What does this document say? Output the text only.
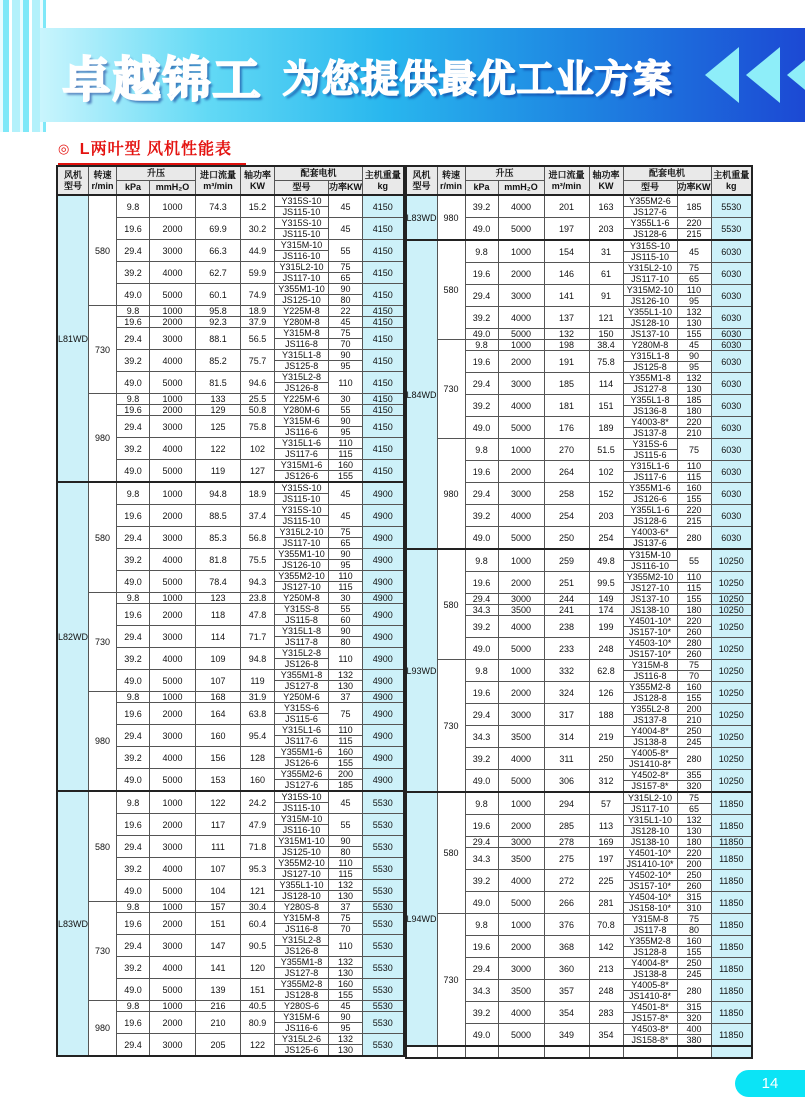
卓越锦工 为您提供最优工业方案
◎ L两叶型 风机性能表
风机
型号	转速
r/min	升压		进口流量
m³/min	轴功率
KW	配套电机		主机重量
kg
		kPa	mmH₂O			型号	功率KW	
L81WD	580	9.8	1000	74.3	15.2	Y315S-10	45	4150
						JS115-10		
		19.6	2000	69.9	30.2	Y315S-10	45	4150
						JS115-10		
		29.4	3000	66.3	44.9	Y315M-10	55	4150
						JS116-10		
		39.2	4000	62.7	59.9	Y315L2-10	75	4150
						JS117-10	65	
		49.0	5000	60.1	74.9	Y355M1-10	90	4150
						JS125-10	80	
	730	9.8	1000	95.8	18.9	Y225M-8	22	4150
		19.6	2000	92.3	37.9	Y280M-8	45	4150
		29.4	3000	88.1	56.5	Y315M-8	75	4150
						JS116-8	70	
		39.2	4000	85.2	75.7	Y315L1-8	90	4150
						JS125-8	95	
		49.0	5000	81.5	94.6	Y315L2-8	110	4150
						JS126-8		
	980	9.8	1000	133	25.5	Y225M-6	30	4150
		19.6	2000	129	50.8	Y280M-6	55	4150
		29.4	3000	125	75.8	Y315M-6	90	4150
						JS116-6	95	
		39.2	4000	122	102	Y315L1-6	110	4150
						JS117-6	115	
		49.0	5000	119	127	Y315M1-6	160	4150
						JS126-6	155	
L82WD	580	9.8	1000	94.8	18.9	Y315S-10	45	4900
						JS115-10		
		19.6	2000	88.5	37.4	Y315S-10	45	4900
						JS115-10		
		29.4	3000	85.3	56.8	Y315L2-10	75	4900
						JS117-10	65	
		39.2	4000	81.8	75.5	Y355M1-10	90	4900
						JS126-10	95	
		49.0	5000	78.4	94.3	Y355M2-10	110	4900
						JS127-10	115	
	730	9.8	1000	123	23.8	Y250M-8	30	4900
		19.6	2000	118	47.8	Y315S-8	55	4900
						JS115-8	60	
		29.4	3000	114	71.7	Y315L1-8	90	4900
						JS117-8	80	
		39.2	4000	109	94.8	Y315L2-8	110	4900
						JS126-8		
		49.0	5000	107	119	Y355M1-8	132	4900
						JS127-8	130	
	980	9.8	1000	168	31.9	Y250M-6	37	4900
		19.6	2000	164	63.8	Y315S-6	75	4900
						JS115-6		
		29.4	3000	160	95.4	Y315L1-6	110	4900
						JS117-6	115	
		39.2	4000	156	128	Y355M1-6	160	4900
						JS126-6	155	
		49.0	5000	153	160	Y355M2-6	200	4900
						JS127-6	185	
L83WD	580	9.8	1000	122	24.2	Y315S-10	45	5530
						JS115-10		
		19.6	2000	117	47.9	Y315M-10	55	5530
						JS116-10		
		29.4	3000	111	71.8	Y315M1-10	90	5530
						JS125-10	80	
		39.2	4000	107	95.3	Y355M2-10	110	5530
						JS127-10	115	
		49.0	5000	104	121	Y355L1-10	132	5530
						JS128-10	130	
	730	9.8	1000	157	30.4	Y280S-8	37	5530
		19.6	2000	151	60.4	Y315M-8	75	5530
						JS116-8	70	
		29.4	3000	147	90.5	Y315L2-8	110	5530
						JS126-8		
		39.2	4000	141	120	Y355M1-8	132	5530
						JS127-8	130	
		49.0	5000	139	151	Y355M2-8	160	5530
						JS128-8	155	
	980	9.8	1000	216	40.5	Y280S-6	45	5530
		19.6	2000	210	80.9	Y315M-6	90	5530
						JS116-6	95	
		29.4	3000	205	122	Y315L2-6	132	5530
						JS125-6	130	
风机
型号	转速
r/min	升压		进口流量
m³/min	轴功率
KW	配套电机		主机重量
kg
		kPa	mmH₂O			型号	功率KW	
L83WD	980	39.2	4000	201	163	Y355M2-6	185	5530
						JS127-6		
		49.0	5000	197	203	Y355L1-6	220	5530
						JS128-6	215	
L84WD	580	9.8	1000	154	31	Y315S-10	45	6030
						JS115-10		
		19.6	2000	146	61	Y315L2-10	75	6030
						JS117-10	65	
		29.4	3000	141	91	Y315M2-10	110	6030
						JS126-10	95	
		39.2	4000	137	121	Y355L1-10	132	6030
						JS128-10	130	
		49.0	5000	132	150	JS137-10	155	6030
	730	9.8	1000	198	38.4	Y280M-8	45	6030
		19.6	2000	191	75.8	Y315L1-8	90	6030
						JS125-8	95	
		29.4	3000	185	114	Y355M1-8	132	6030
						JS127-8	130	
		39.2	4000	181	151	Y355L1-8	185	6030
						JS136-8	180	
		49.0	5000	176	189	Y4003-8*	220	6030
						JS137-8	210	
	980	9.8	1000	270	51.5	Y315S-6	75	6030
						JS115-6		
		19.6	2000	264	102	Y315L1-6	110	6030
						JS117-6	115	
		29.4	3000	258	152	Y355M1-6	160	6030
						JS126-6	155	
		39.2	4000	254	203	Y355L1-6	220	6030
						JS128-6	215	
		49.0	5000	250	254	Y4003-6*	280	6030
						JS137-6		
L93WD	580	9.8	1000	259	49.8	Y315M-10	55	10250
						JS116-10		
		19.6	2000	251	99.5	Y355M2-10	110	10250
						JS127-10	115	
		29.4	3000	244	149	JS137-10	155	10250
		34.3	3500	241	174	JS138-10	180	10250
		39.2	4000	238	199	Y4501-10*	220	10250
						JS157-10*	260	
		49.0	5000	233	248	Y4503-10*	280	10250
						JS157-10*	260	
	730	9.8	1000	332	62.8	Y315M-8	75	10250
						JS116-8	70	
		19.6	2000	324	126	Y355M2-8	160	10250
						JS128-8	155	
		29.4	3000	317	188	Y355L2-8	200	10250
						JS137-8	210	
		34.3	3500	314	219	Y4004-8*	250	10250
						JS138-8	245	
		39.2	4000	311	250	Y4005-8*	280	10250
						JS1410-8*		
		49.0	5000	306	312	Y4502-8*	355	10250
						JS157-8*	320	
L94WD	580	9.8	1000	294	57	Y315L2-10	75	11850
						JS117-10	65	
		19.6	2000	285	113	Y315L1-10	132	11850
						JS128-10	130	
		29.4	3000	278	169	JS138-10	180	11850
		34.3	3500	275	197	Y4501-10*	220	11850
						JS1410-10*	200	
		39.2	4000	272	225	Y4502-10*	250	11850
						JS157-10*	260	
		49.0	5000	266	281	Y4504-10*	315	11850
						JS158-10*	310	
	730	9.8	1000	376	70.8	Y315M-8	75	11850
						JS117-8	80	
		19.6	2000	368	142	Y355M2-8	160	11850
						JS128-8	155	
		29.4	3000	360	213	Y4004-8*	250	11850
						JS138-8	245	
		34.3	3500	357	248	Y4005-8*	280	11850
						JS1410-8*		
		39.2	4000	354	283	Y4501-8*	315	11850
						JS157-8*	320	
		49.0	5000	349	354	Y4503-8*	400	11850
						JS158-8*	380	

14
